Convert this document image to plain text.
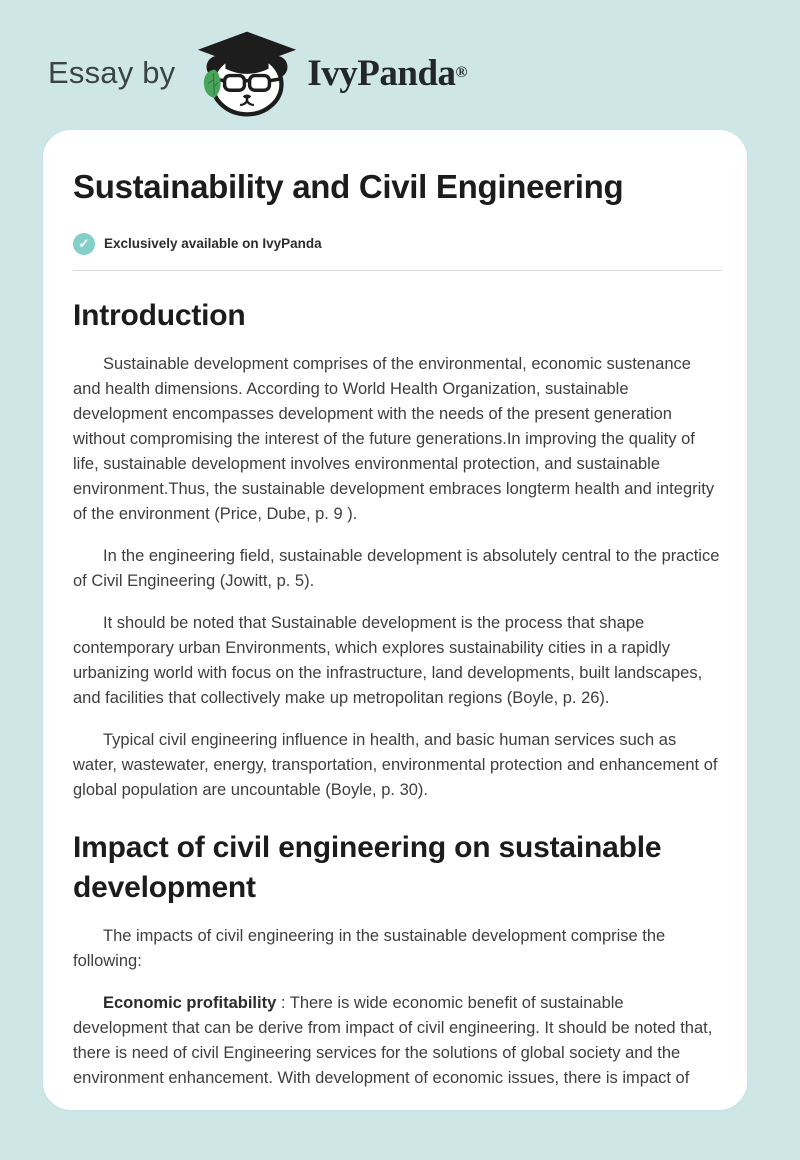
Essay by	IvyPanda ®
Sustainability and Civil Engineering
✓	Exclusively available on IvyPanda
Introduction

Sustainable development comprises of the environmental, economic sustenance and health dimensions. According to World Health Organization, sustainable development encompasses development with the needs of the present generation without compromising the interest of the future generations.In improving the quality of life, sustainable development involves environmental protection, and sustainable environment.Thus, the sustainable development embraces longterm health and integrity of the environment (Price, Dube, p. 9 ).

In the engineering field, sustainable development is absolutely central to the practice of Civil Engineering (Jowitt, p. 5).

It should be noted that Sustainable development is the process that shape contemporary urban Environments, which explores sustainability cities in a rapidly urbanizing world with focus on the infrastructure, land developments, built landscapes, and facilities that collectively make up metropolitan regions (Boyle, p. 26).

Typical civil engineering influence in health, and basic human services such as water, wastewater, energy, transportation, environmental protection and enhancement of global population are uncountable (Boyle, p. 30).

Impact of civil engineering on sustainable development

The impacts of civil engineering in the sustainable development comprise the following:

Economic profitability : There is wide economic benefit of sustainable development that can be derive from impact of civil engineering. It should be noted that, there is need of civil Engineering services for the solutions of global society and the environment enhancement. With development of economic issues, there is impact of
